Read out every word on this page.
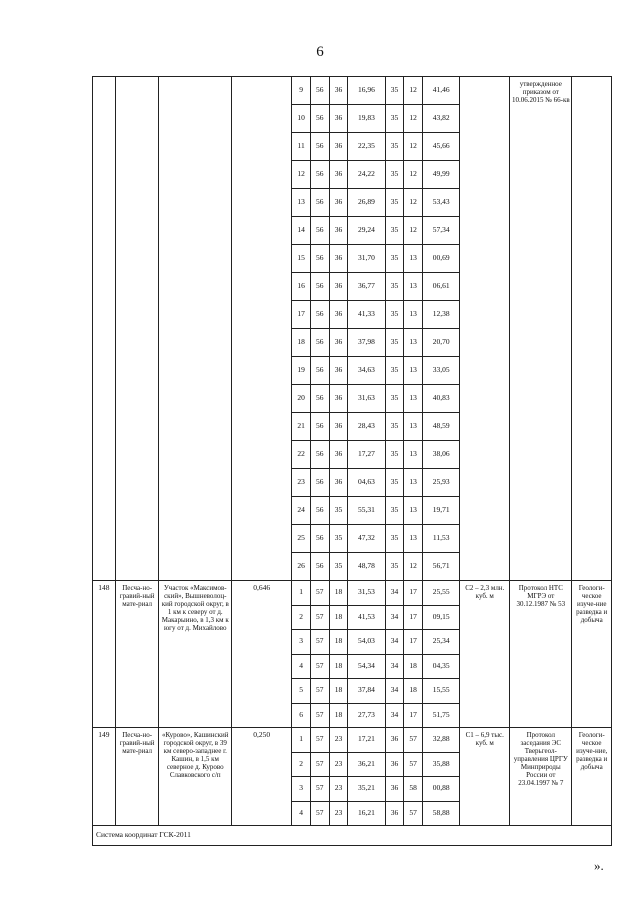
6
				9	56	36	16,96	35	12	41,46		утвержденное приказом от 10.06.2015 № 66-кв	
				10	56	36	19,83	35	12	43,82			
				11	56	36	22,35	35	12	45,66			
				12	56	36	24,22	35	12	49,99			
				13	56	36	26,89	35	12	53,43			
				14	56	36	29,24	35	12	57,34			
				15	56	36	31,70	35	13	00,69			
				16	56	36	36,77	35	13	06,61			
				17	56	36	41,33	35	13	12,38			
				18	56	36	37,98	35	13	20,70			
				19	56	36	34,63	35	13	33,05			
				20	56	36	31,63	35	13	40,83			
				21	56	36	28,43	35	13	48,59			
				22	56	36	17,27	35	13	38,06			
				23	56	36	04,63	35	13	25,93			
				24	56	35	55,31	35	13	19,71			
				25	56	35	47,32	35	13	11,53			
				26	56	35	48,78	35	12	56,71			
148	Песча-но-гравий-ный мате-риал	Участок «Максимов-ский», Вышневолоц-кий городской округ, в 1 км к северу от д. Макарыино, в 1,3 км к югу от д. Михайлово	0,646	1	57	18	31,53	34	17	25,55	С2 – 2,3 млн. куб. м	Протокол НТС МГРЭ от 30.12.1987 № 53	Геологи-ческое изуче-ние разведка и добыча
				2	57	18	41,53	34	17	09,15			
				3	57	18	54,03	34	17	25,34			
				4	57	18	54,34	34	18	04,35			
				5	57	18	37,84	34	18	15,55			
				6	57	18	27,73	34	17	51,75			
149	Песча-но-гравий-ный мате-риал	«Курово», Кашинский городской округ, в 39 км северо-западнее г. Кашин, в 1,5 км северное д. Курово Славковского с/п	0,250	1	57	23	17,21	36	57	32,88	С1 – 6,9 тыс. куб. м	Протокол заседания ЭС Тверьгеол-управления ЦРГУ Минприроды России от 23.04.1997 № 7	Геологи-ческое изуче-ние, разведка и добыча
				2	57	23	36,21	36	57	35,88			
				3	57	23	35,21	36	58	00,88			
				4	57	23	16,21	36	57	58,88			
Система координат ГСК-2011													
».
